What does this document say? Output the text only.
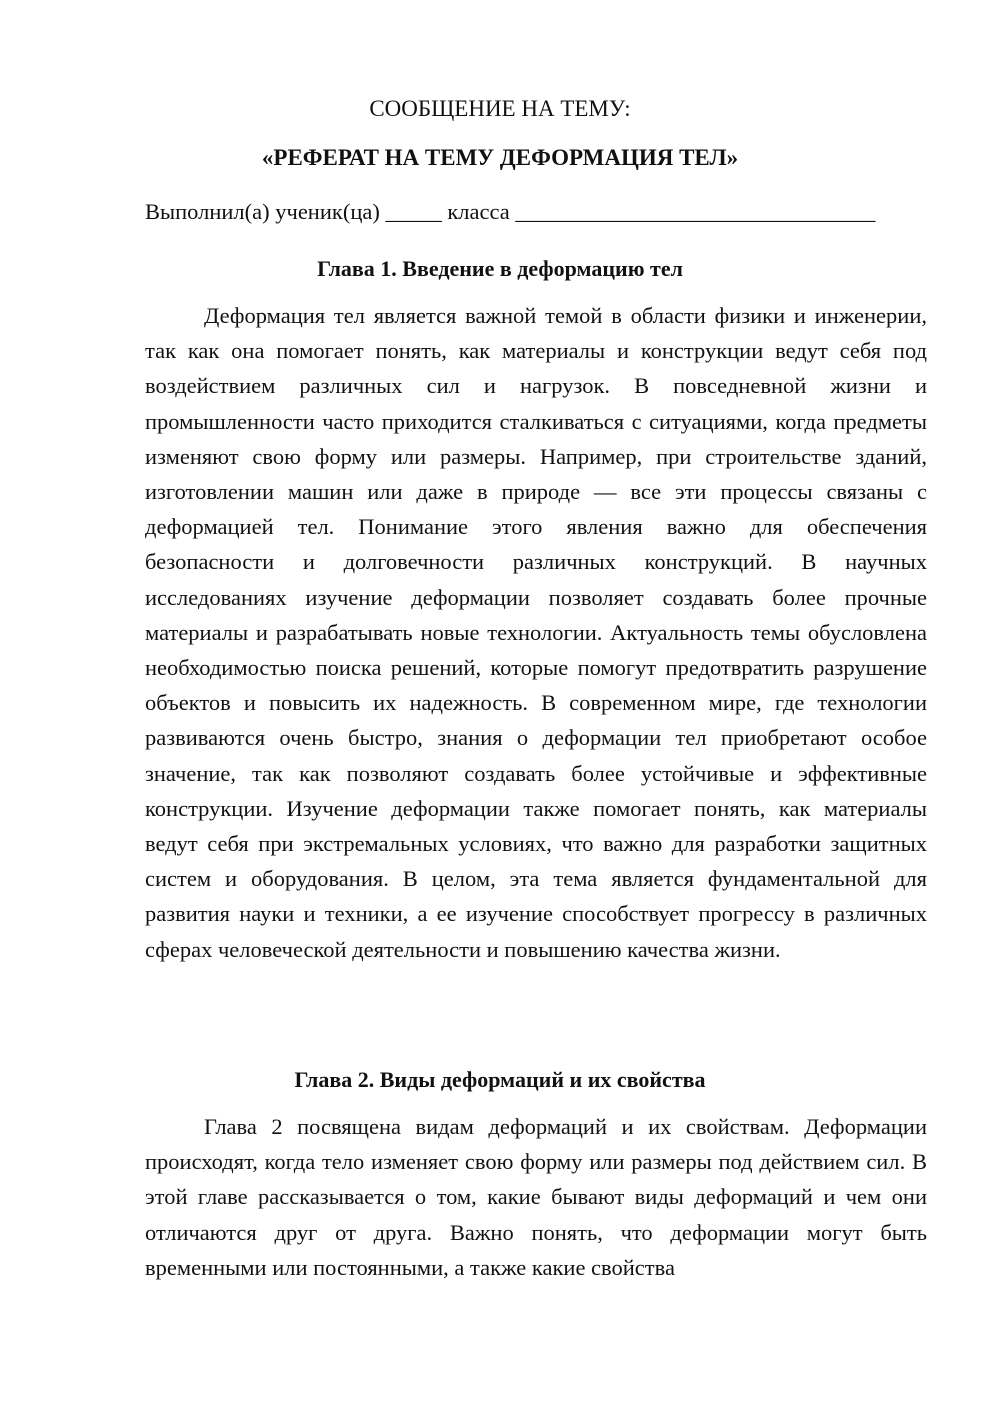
СООБЩЕНИЕ НА ТЕМУ:
«РЕФЕРАТ НА ТЕМУ ДЕФОРМАЦИЯ ТЕЛ»
Выполнил(а) ученик(ца) _____ класса ________________________________
Глава 1. Введение в деформацию тел

Деформация тел является важной темой в области физики и инженерии, так как она помогает понять, как материалы и конструкции ведут себя под воздействием различных сил и нагрузок. В повседневной жизни и промышленности часто приходится сталкиваться с ситуациями, когда предметы изменяют свою форму или размеры. Например, при строительстве зданий, изготовлении машин или даже в природе — все эти процессы связаны с деформацией тел. Понимание этого явления важно для обеспечения безопасности и долговечности различных конструкций. В научных исследованиях изучение деформации позволяет создавать более прочные материалы и разрабатывать новые технологии. Актуальность темы обусловлена необходимостью поиска решений, которые помогут предотвратить разрушение объектов и повысить их надежность. В современном мире, где технологии развиваются очень быстро, знания о деформации тел приобретают особое значение, так как позволяют создавать более устойчивые и эффективные конструкции. Изучение деформации также помогает понять, как материалы ведут себя при экстремальных условиях, что важно для разработки защитных систем и оборудования. В целом, эта тема является фундаментальной для развития науки и техники, а ее изучение способствует прогрессу в различных сферах человеческой деятельности и повышению качества жизни.

Глава 2. Виды деформаций и их свойства

Глава 2 посвящена видам деформаций и их свойствам. Деформации происходят, когда тело изменяет свою форму или размеры под действием сил. В этой главе рассказывается о том, какие бывают виды деформаций и чем они отличаются друг от друга. Важно понять, что деформации могут быть временными или постоянными, а также какие свойства
